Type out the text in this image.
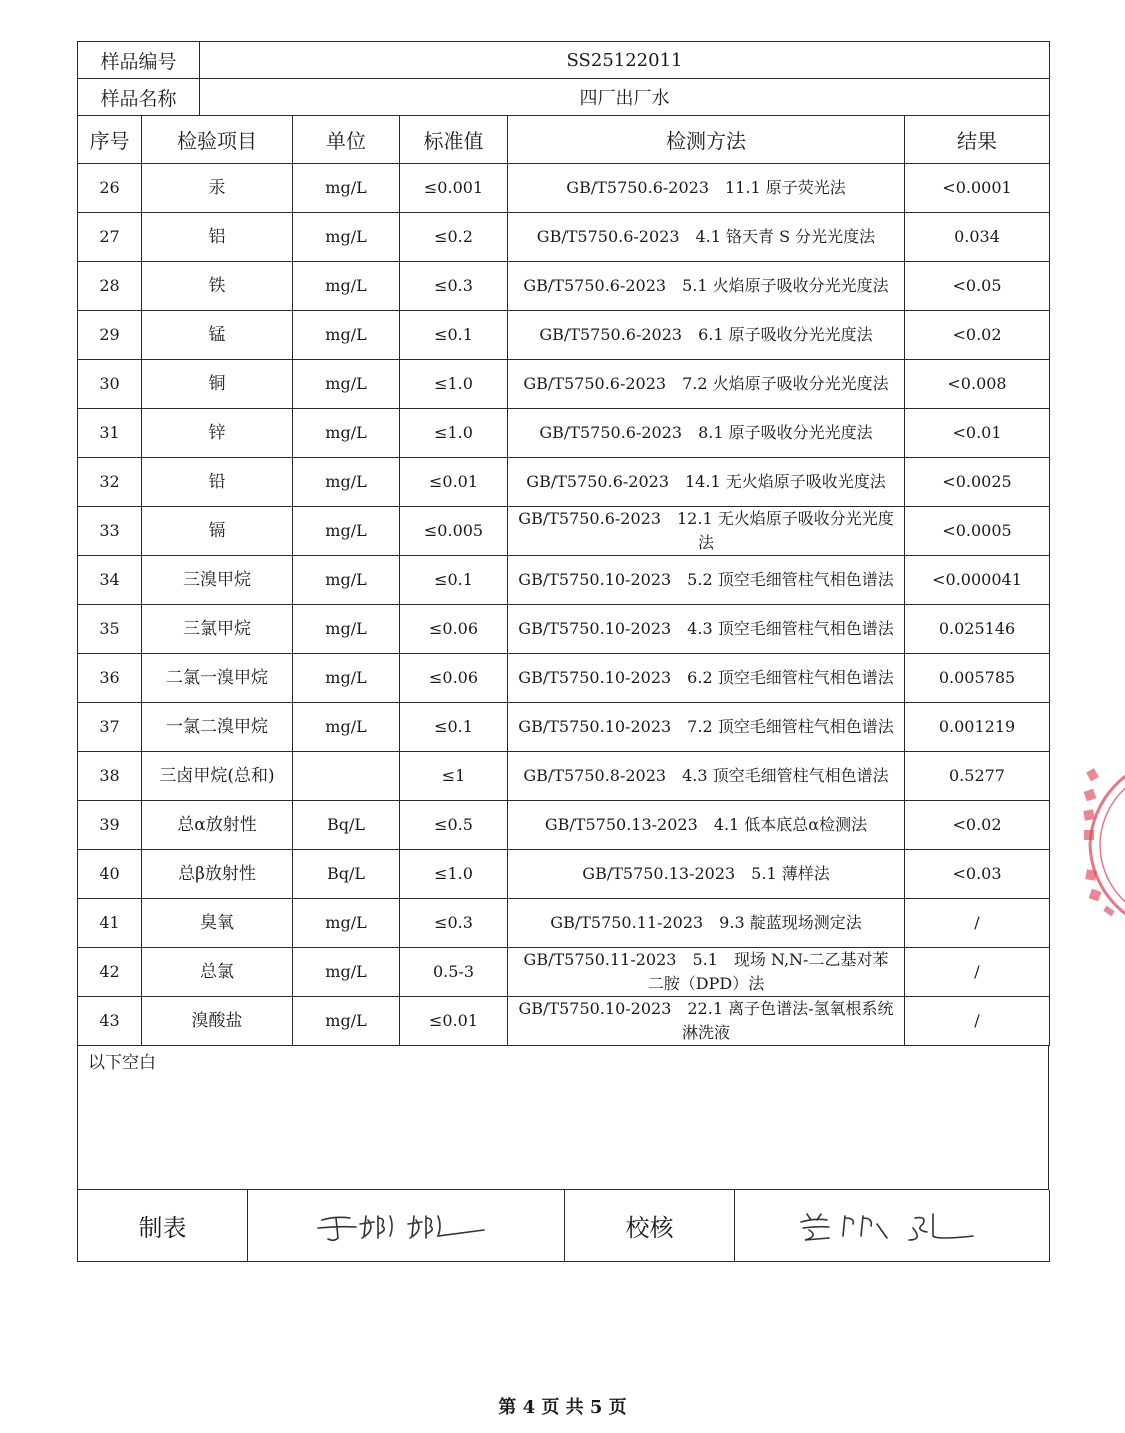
样品编号	SS25122011
样品名称	四厂出厂水
序号	检验项目	单位	标准值	检测方法	结果
26	汞	mg/L	≤0.001	GB/T5750.6-2023　11.1 原子荧光法	<0.0001
27	铝	mg/L	≤0.2	GB/T5750.6-2023　4.1 铬天青 S 分光光度法	0.034
28	铁	mg/L	≤0.3	GB/T5750.6-2023　5.1 火焰原子吸收分光光度法	<0.05
29	锰	mg/L	≤0.1	GB/T5750.6-2023　6.1 原子吸收分光光度法	<0.02
30	铜	mg/L	≤1.0	GB/T5750.6-2023　7.2 火焰原子吸收分光光度法	<0.008
31	锌	mg/L	≤1.0	GB/T5750.6-2023　8.1 原子吸收分光光度法	<0.01
32	铅	mg/L	≤0.01	GB/T5750.6-2023　14.1 无火焰原子吸收光度法	<0.0025
33	镉	mg/L	≤0.005	GB/T5750.6-2023　12.1 无火焰原子吸收分光光度法	<0.0005
34	三溴甲烷	mg/L	≤0.1	GB/T5750.10-2023　5.2 顶空毛细管柱气相色谱法	<0.000041
35	三氯甲烷	mg/L	≤0.06	GB/T5750.10-2023　4.3 顶空毛细管柱气相色谱法	0.025146
36	二氯一溴甲烷	mg/L	≤0.06	GB/T5750.10-2023　6.2 顶空毛细管柱气相色谱法	0.005785
37	一氯二溴甲烷	mg/L	≤0.1	GB/T5750.10-2023　7.2 顶空毛细管柱气相色谱法	0.001219
38	三卤甲烷(总和)		≤1	GB/T5750.8-2023　4.3 顶空毛细管柱气相色谱法	0.5277
39	总α放射性	Bq/L	≤0.5	GB/T5750.13-2023　4.1 低本底总α检测法	<0.02
40	总β放射性	Bq/L	≤1.0	GB/T5750.13-2023　5.1 薄样法	<0.03
41	臭氧	mg/L	≤0.3	GB/T5750.11-2023　9.3 靛蓝现场测定法	/
42	总氯	mg/L	0.5-3	GB/T5750.11-2023　5.1　现场 N,N-二乙基对苯二胺（DPD）法	/
43	溴酸盐	mg/L	≤0.01	GB/T5750.10-2023　22.1 离子色谱法-氢氧根系统淋洗液	/
以下空白
制表		校核	
第 4 页 共 5 页
